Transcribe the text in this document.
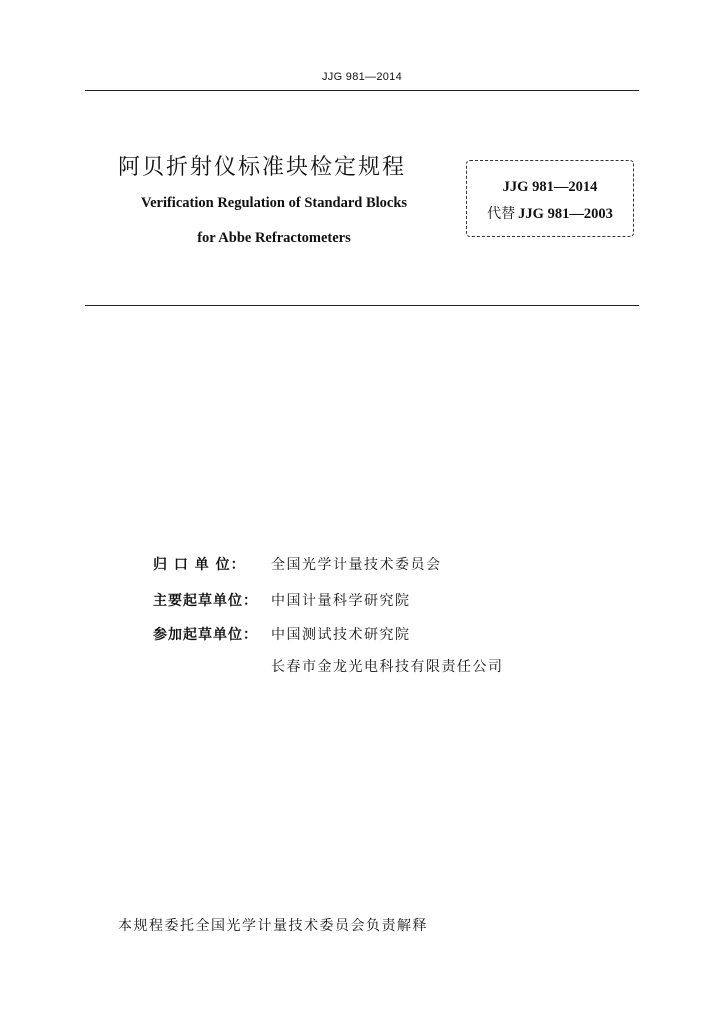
JJG 981—2014
阿贝折射仪标准块检定规程
Verification Regulation of Standard Blocks
for Abbe Refractometers
JJG 981—2014
代替 JJG 981—2003
归 口 单 位： 全国光学计量技术委员会
主要起草单位： 中国计量科学研究院
参加起草单位： 中国测试技术研究院
长春市金龙光电科技有限责任公司
本规程委托全国光学计量技术委员会负责解释
